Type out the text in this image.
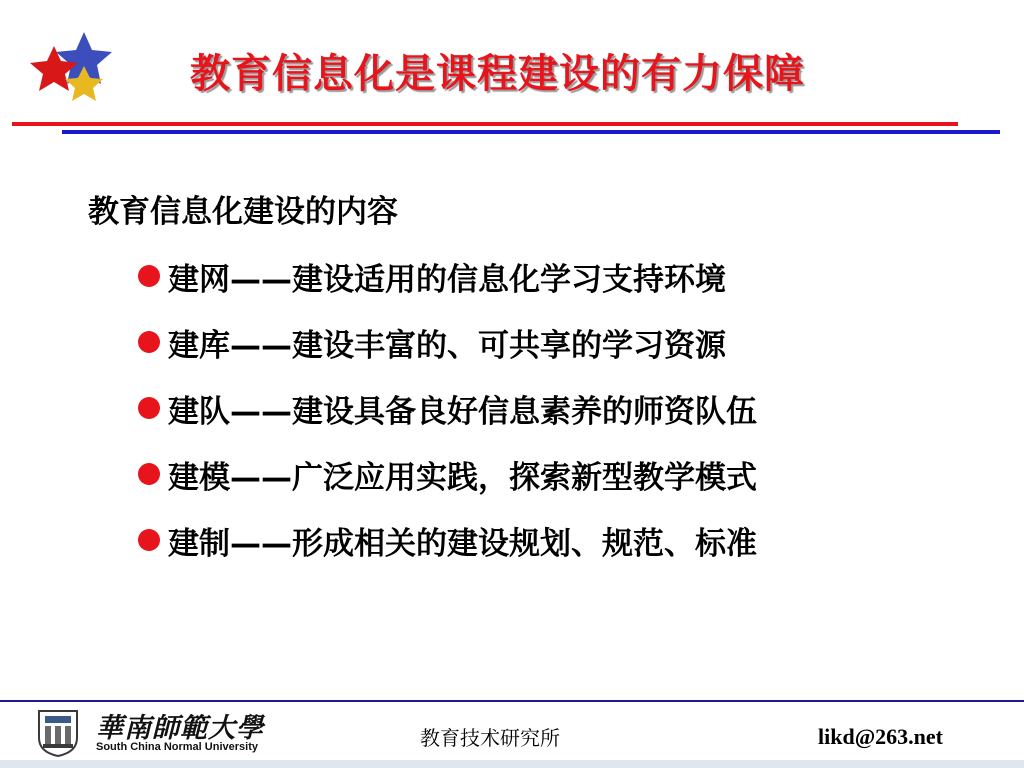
教育信息化是课程建设的有力保障
教育信息化建设的内容
建网——建设适用的信息化学习支持环境
建库——建设丰富的、可共享的学习资源
建队——建设具备良好信息素养的师资队伍
建模——广泛应用实践，探索新型教学模式
建制——形成相关的建设规划、规范、标准
華南師範大學
South China Normal University	教育技术研究所	likd@263.net
